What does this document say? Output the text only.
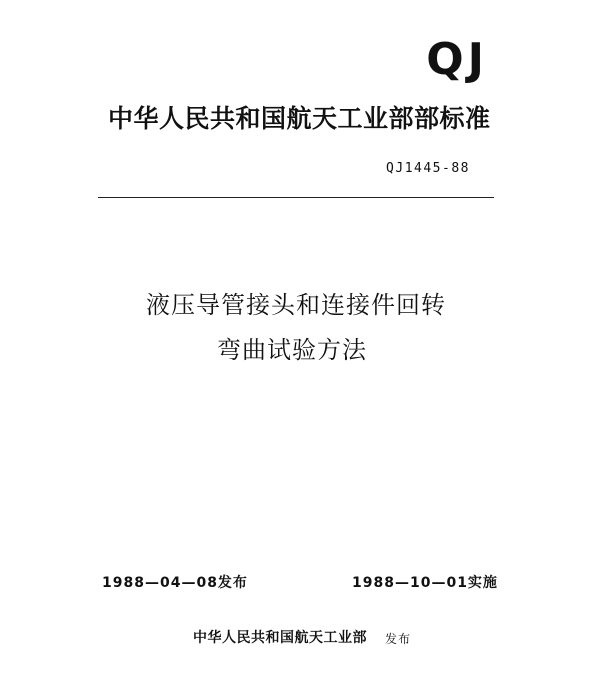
QJ
中华人民共和国航天工业部部标准
QJ1445-88
液压导管接头和连接件回转
弯曲试验方法
1988—04—08发布	1988—10—01实施
中华人民共和国航天工业部 发布
